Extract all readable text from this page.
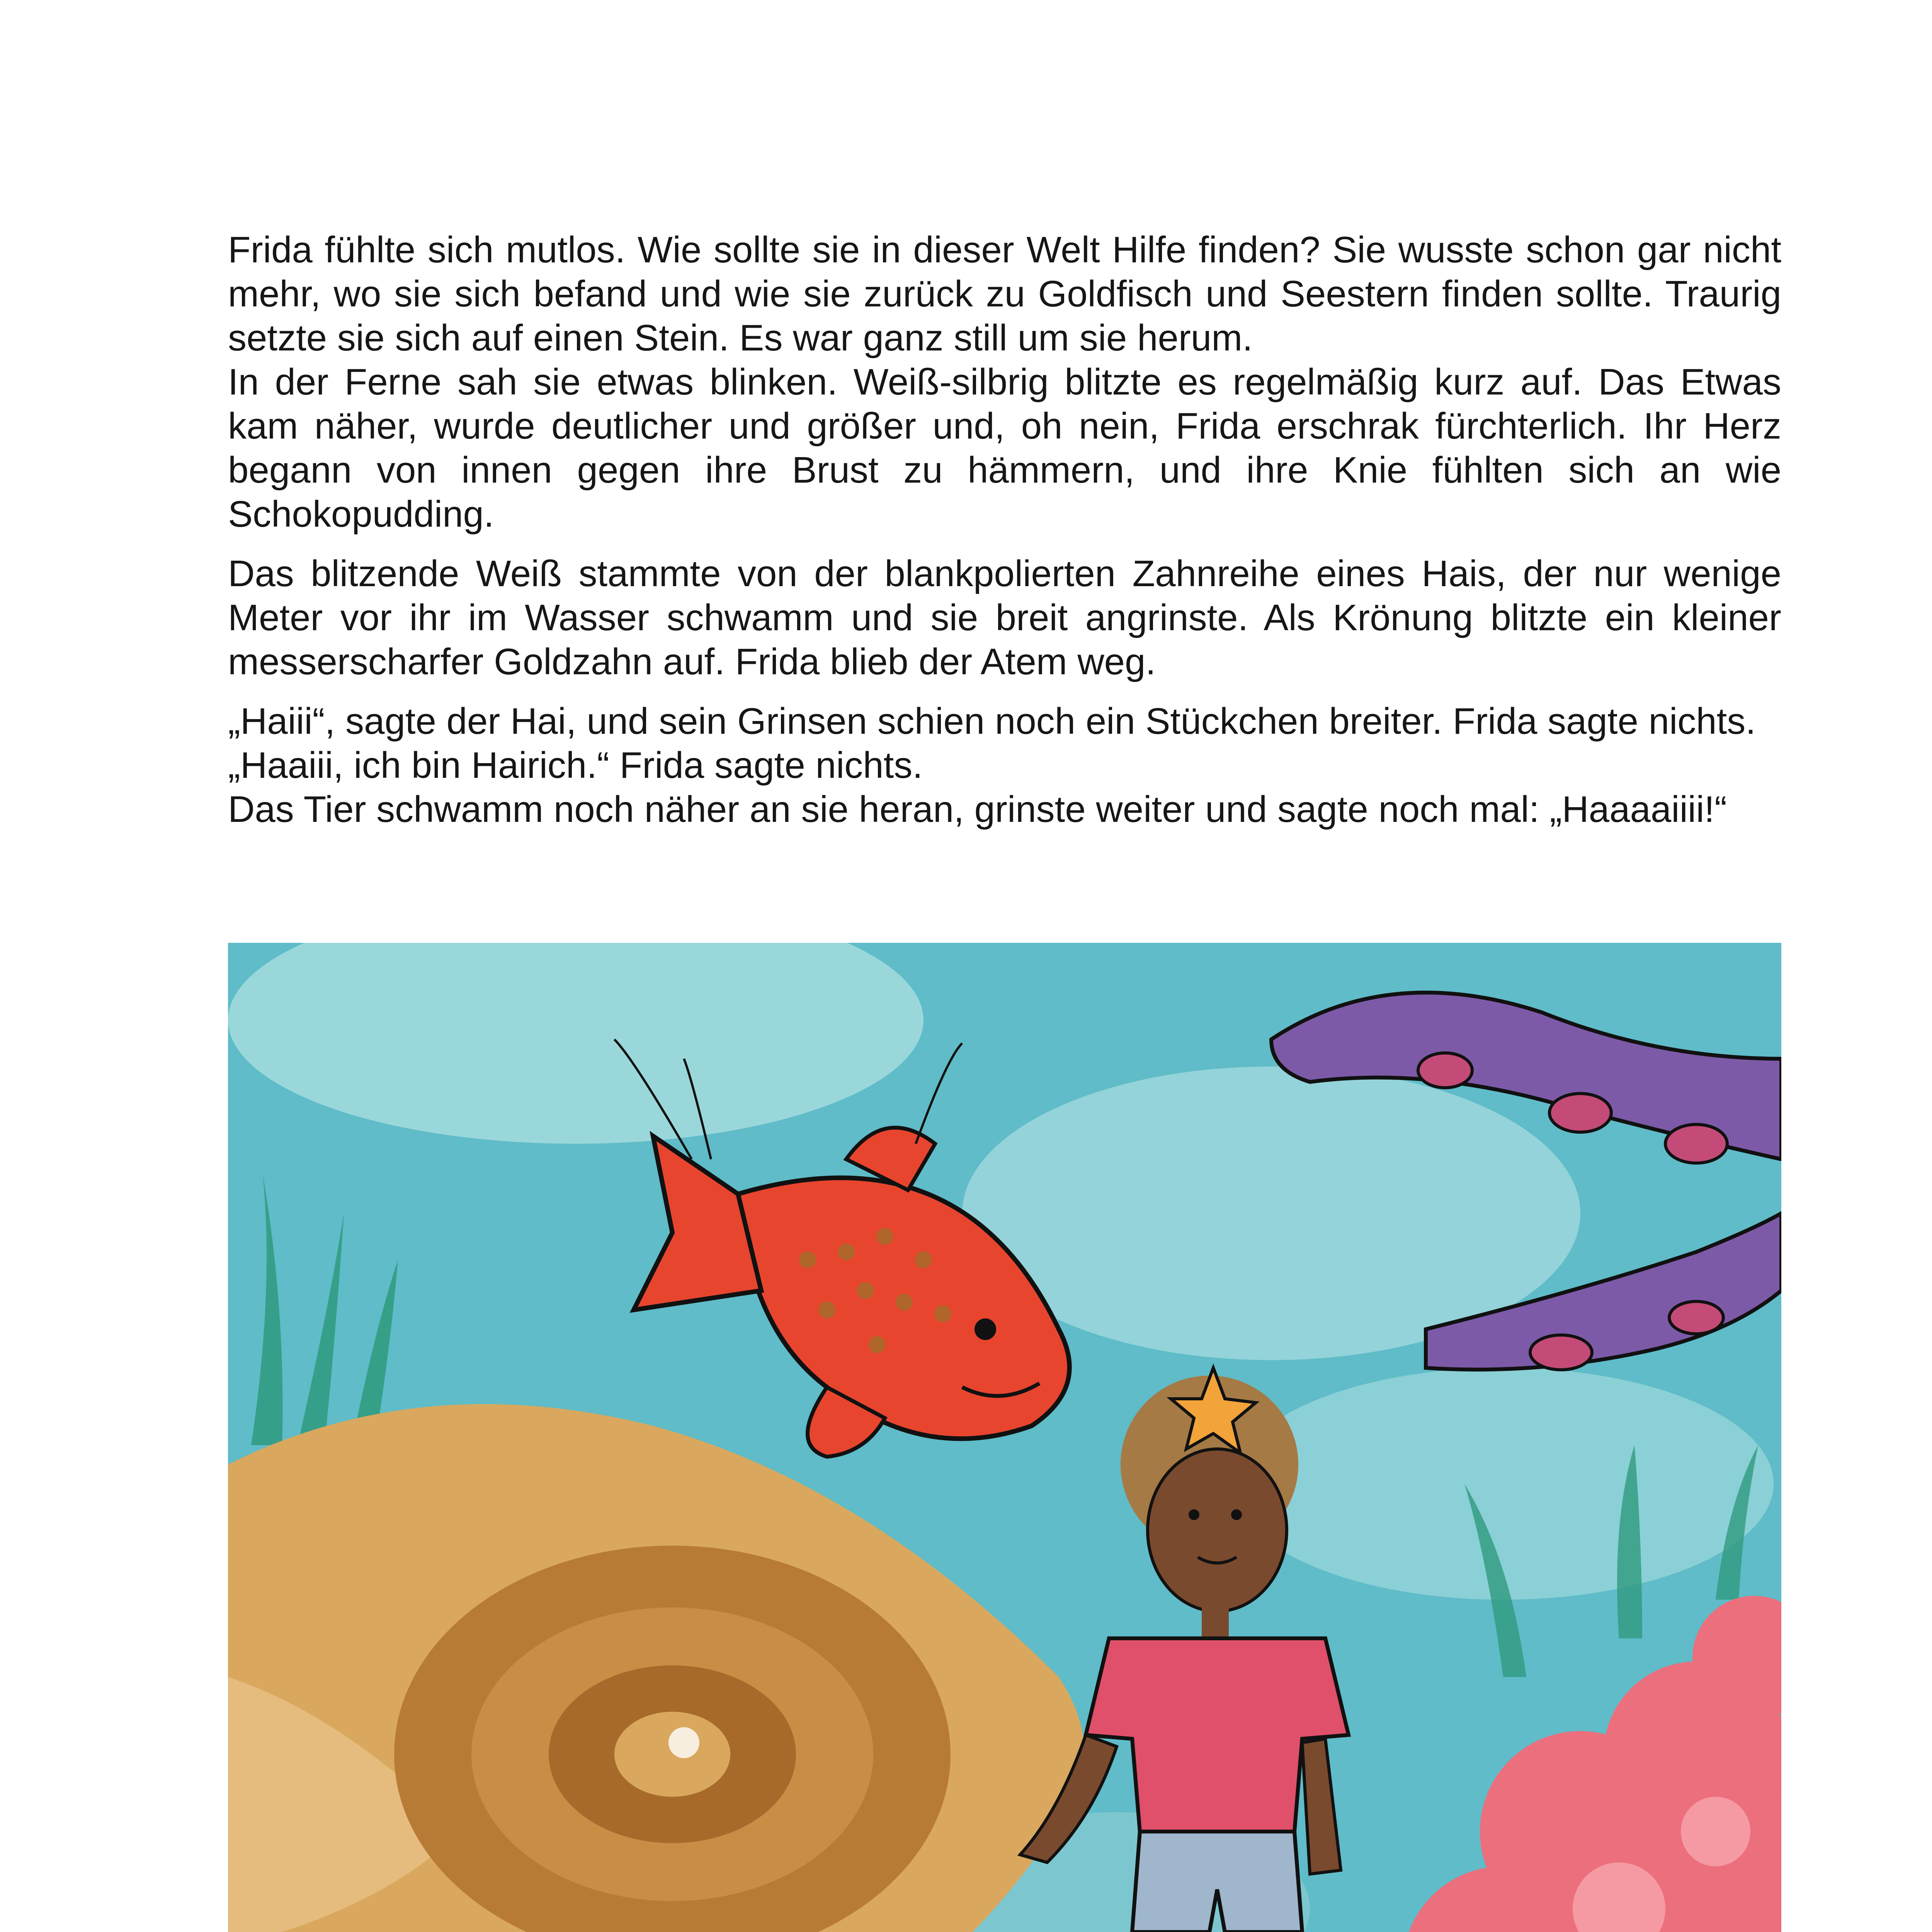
Frida fühlte sich mutlos. Wie sollte sie in dieser Welt Hilfe finden? Sie wusste schon gar nicht mehr, wo sie sich befand und wie sie zurück zu Goldfisch und Seestern finden sollte. Traurig setzte sie sich auf einen Stein. Es war ganz still um sie herum.

In der Ferne sah sie etwas blinken. Weiß-silbrig blitzte es regelmäßig kurz auf. Das Etwas kam näher, wurde deutlicher und größer und, oh nein, Frida erschrak fürchterlich. Ihr Herz begann von innen gegen ihre Brust zu hämmern, und ihre Knie fühlten sich an wie Schokopudding.

Das blitzende Weiß stammte von der blankpolierten Zahnreihe eines Hais, der nur wenige Meter vor ihr im Wasser schwamm und sie breit angrinste. Als Krönung blitzte ein kleiner messerscharfer Goldzahn auf. Frida blieb der Atem weg.

„Haiii“, sagte der Hai, und sein Grinsen schien noch ein Stückchen breiter. Frida sagte nichts.

„Haaiii, ich bin Hairich.“ Frida sagte nichts.

Das Tier schwamm noch näher an sie heran, grinste weiter und sagte noch mal: „Haaaaiiii!“
